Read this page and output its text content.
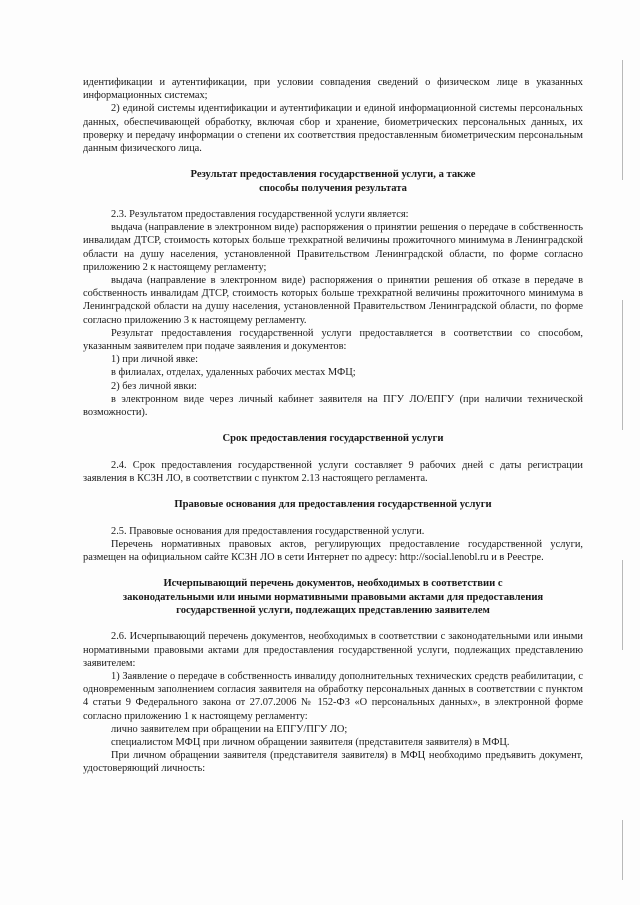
идентификации и аутентификации, при условии совпадения сведений о физическом лице в указанных информационных системах;

2) единой системы идентификации и аутентификации и единой информационной системы персональных данных, обеспечивающей обработку, включая сбор и хранение, биометрических персональных данных, их проверку и передачу информации о степени их соответствия предоставленным биометрическим персональным данным физического лица.

Результат предоставления государственной услуги, а также

способы получения результата

2.3. Результатом предоставления государственной услуги является:

выдача (направление в электронном виде) распоряжения о принятии решения о передаче в собственность инвалидам ДТСР, стоимость которых больше трехкратной величины прожиточного минимума в Ленинградской области на душу населения, установленной Правительством Ленинградской области, по форме согласно приложению 2 к настоящему регламенту;

выдача (направление в электронном виде) распоряжения о принятии решения об отказе в передаче в собственность инвалидам ДТСР, стоимость которых больше трехкратной величины прожиточного минимума в Ленинградской области на душу населения, установленной Правительством Ленинградской области, по форме согласно приложению 3 к настоящему регламенту.

Результат предоставления государственной услуги предоставляется в соответствии со способом, указанным заявителем при подаче заявления и документов:

1) при личной явке:

в филиалах, отделах, удаленных рабочих местах МФЦ;

2) без личной явки:

в электронном виде через личный кабинет заявителя на ПГУ ЛО/ЕПГУ (при наличии технической возможности).

Срок предоставления государственной услуги

2.4. Срок предоставления государственной услуги составляет 9 рабочих дней с даты регистрации заявления в КСЗН ЛО, в соответствии с пунктом 2.13 настоящего регламента.

Правовые основания для предоставления государственной услуги

2.5. Правовые основания для предоставления государственной услуги.

Перечень нормативных правовых актов, регулирующих предоставление государственной услуги, размещен на официальном сайте КСЗН ЛО в сети Интернет по адресу: http://social.lenobl.ru и в Реестре.

Исчерпывающий перечень документов, необходимых в соответствии с

законодательными или иными нормативными правовыми актами для предоставления

государственной услуги, подлежащих представлению заявителем

2.6. Исчерпывающий перечень документов, необходимых в соответствии с законодательными или иными нормативными правовыми актами для предоставления государственной услуги, подлежащих представлению заявителем:

1) Заявление о передаче в собственность инвалиду дополнительных технических средств реабилитации, с одновременным заполнением согласия заявителя на обработку персональных данных в соответствии с пунктом 4 статьи 9 Федерального закона от 27.07.2006 № 152-ФЗ «О персональных данных», в электронной форме согласно приложению 1 к настоящему регламенту:

лично заявителем при обращении на ЕПГУ/ПГУ ЛО;

специалистом МФЦ при личном обращении заявителя (представителя заявителя) в МФЦ.

При личном обращении заявителя (представителя заявителя) в МФЦ необходимо предъявить документ, удостоверяющий личность:
